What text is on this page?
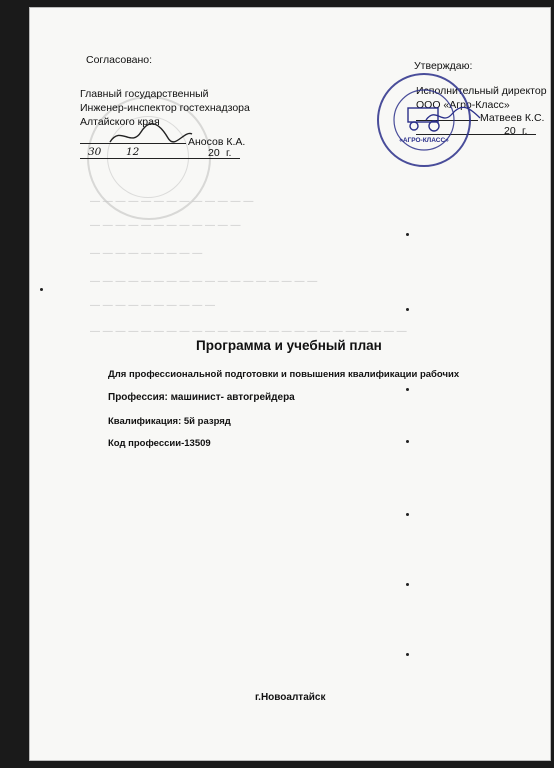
Согласовано:
Главный государственный
Инженер-инспектор гостехнадзора
Алтайского края
Аносов К.А.
30 12	20 г.
Утверждаю:
Исполнительный директор
ООО «Агро-Класс»
Матвеев К.С.
20 г.
«АГРО-КЛАСС»
— — — — — — — — — — — — —
— — — — — — — — — — — —
— — — — — — — — —
— — — — — — — — — — — — — — — — — —
— — — — — — — — — —
— — — — — — — — — — — — — — — — — — — — — — — — —
Программа и учебный план
Для профессиональной подготовки и повышения квалификации рабочих
Профессия: машинист- автогрейдера
Квалификация: 5й разряд
Код профессии-13509
г.Новоалтайск
